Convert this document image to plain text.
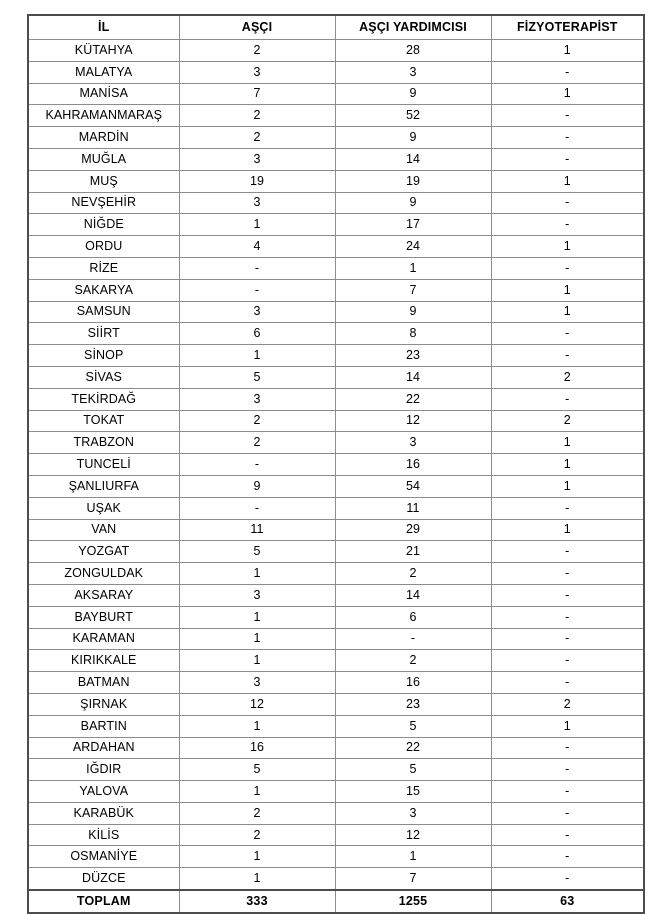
İL	AŞÇI	AŞÇI YARDIMCISI	FİZYOTERAPİST
KÜTAHYA	2	28	1
MALATYA	3	3	-
MANİSA	7	9	1
KAHRAMANMARAŞ	2	52	-
MARDİN	2	9	-
MUĞLA	3	14	-
MUŞ	19	19	1
NEVŞEHİR	3	9	-
NİĞDE	1	17	-
ORDU	4	24	1
RİZE	-	1	-
SAKARYA	-	7	1
SAMSUN	3	9	1
SİİRT	6	8	-
SİNOP	1	23	-
SİVAS	5	14	2
TEKİRDAĞ	3	22	-
TOKAT	2	12	2
TRABZON	2	3	1
TUNCELİ	-	16	1
ŞANLIURFA	9	54	1
UŞAK	-	11	-
VAN	11	29	1
YOZGAT	5	21	-
ZONGULDAK	1	2	-
AKSARAY	3	14	-
BAYBURT	1	6	-
KARAMAN	1	-	-
KIRIKKALE	1	2	-
BATMAN	3	16	-
ŞIRNAK	12	23	2
BARTIN	1	5	1
ARDAHAN	16	22	-
IĞDIR	5	5	-
YALOVA	1	15	-
KARABÜK	2	3	-
KİLİS	2	12	-
OSMANİYE	1	1	-
DÜZCE	1	7	-
TOPLAM	333	1255	63
